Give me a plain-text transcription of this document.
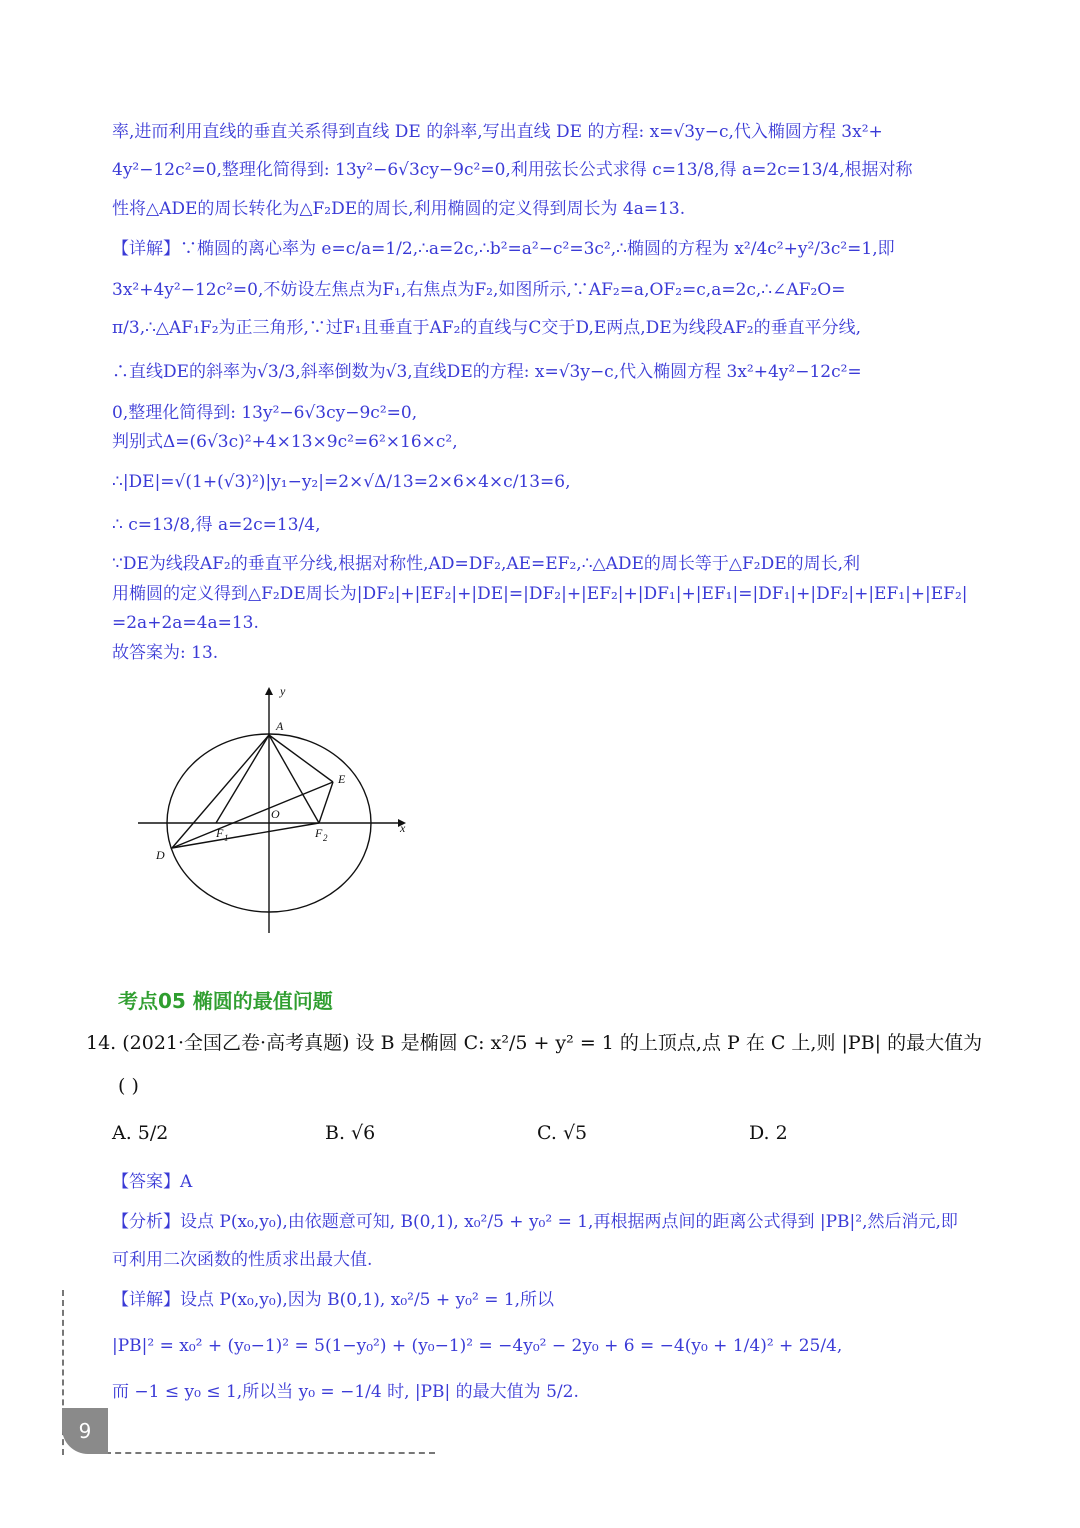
率,进而利用直线的垂直关系得到直线 DE 的斜率,写出直线 DE 的方程: x=√3y−c,代入椭圆方程 3x²+
4y²−12c²=0,整理化简得到: 13y²−6√3cy−9c²=0,利用弦长公式求得 c=13/8,得 a=2c=13/4,根据对称
性将△ADE的周长转化为△F₂DE的周长,利用椭圆的定义得到周长为 4a=13.
【详解】∵椭圆的离心率为 e=c/a=1/2,∴a=2c,∴b²=a²−c²=3c²,∴椭圆的方程为 x²/4c²+y²/3c²=1,即
3x²+4y²−12c²=0,不妨设左焦点为F₁,右焦点为F₂,如图所示,∵AF₂=a,OF₂=c,a=2c,∴∠AF₂O=
π/3,∴△AF₁F₂为正三角形,∵过F₁且垂直于AF₂的直线与C交于D,E两点,DE为线段AF₂的垂直平分线,
∴直线DE的斜率为√3/3,斜率倒数为√3,直线DE的方程: x=√3y−c,代入椭圆方程 3x²+4y²−12c²=
0,整理化简得到: 13y²−6√3cy−9c²=0,
判别式Δ=(6√3c)²+4×13×9c²=6²×16×c²,
∴|DE|=√(1+(√3)²)|y₁−y₂|=2×√Δ/13=2×6×4×c/13=6,
∴ c=13/8,得 a=2c=13/4,
∵DE为线段AF₂的垂直平分线,根据对称性,AD=DF₂,AE=EF₂,∴△ADE的周长等于△F₂DE的周长,利
用椭圆的定义得到△F₂DE周长为|DF₂|+|EF₂|+|DE|=|DF₂|+|EF₂|+|DF₁|+|EF₁|=|DF₁|+|DF₂|+|EF₁|+|EF₂|
=2a+2a=4a=13.
故答案为: 13.
y
x
A
E
O
F 1	F 2
D
考点05 椭圆的最值问题
14. (2021·全国乙卷·高考真题) 设 B 是椭圆 C: x²/5 + y² = 1 的上顶点,点 P 在 C 上,则 |PB| 的最大值为
( )
A. 5/2	B. √6	C. √5	D. 2
【答案】A
【分析】设点 P(x₀,y₀),由依题意可知, B(0,1), x₀²/5 + y₀² = 1,再根据两点间的距离公式得到 |PB|²,然后消元,即
可利用二次函数的性质求出最大值.
【详解】设点 P(x₀,y₀),因为 B(0,1), x₀²/5 + y₀² = 1,所以
|PB|² = x₀² + (y₀−1)² = 5(1−y₀²) + (y₀−1)² = −4y₀² − 2y₀ + 6 = −4(y₀ + 1/4)² + 25/4,
而 −1 ≤ y₀ ≤ 1,所以当 y₀ = −1/4 时, |PB| 的最大值为 5/2.
9
